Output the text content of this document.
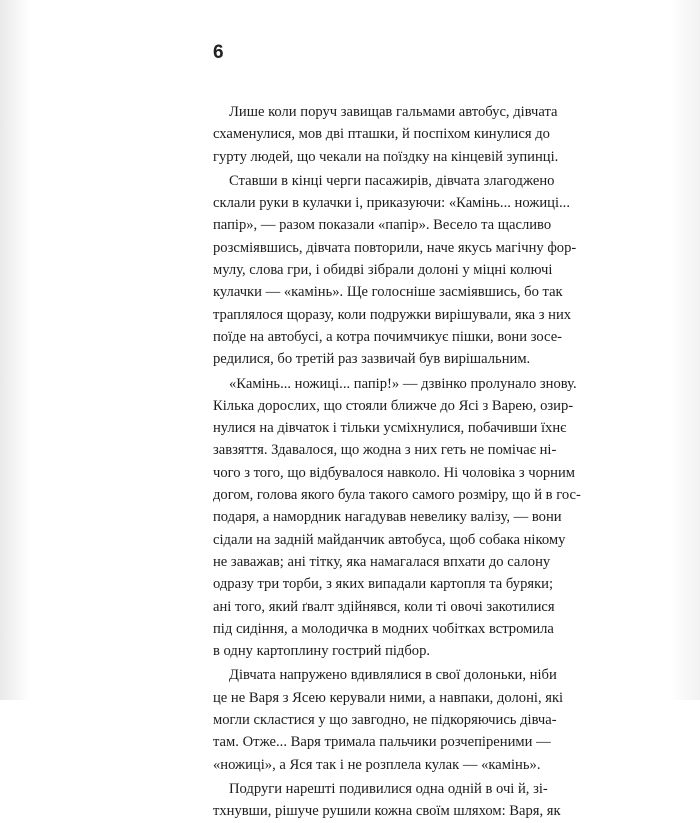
6
Лише коли поруч завищав гальмами автобус, дівчата
схаменулися, мов дві пташки, й поспіхом кинулися до
гурту людей, що чекали на поїздку на кінцевій зупинці.
Ставши в кінці черги пасажирів, дівчата злагоджено
склали руки в кулачки і, приказуючи: «Камінь... ножиці...
папір», — разом показали «папір». Весело та щасливо
розсміявшись, дівчата повторили, наче якусь магічну фор-
мулу, слова гри, і обидві зібрали долоні у міцні колючі
кулачки — «камінь». Ще голосніше засміявшись, бо так
траплялося щоразу, коли подружки вирішували, яка з них
поїде на автобусі, а котра почимчикує пішки, вони зосе-
редилися, бо третій раз зазвичай був вирішальним.
«Камінь... ножиці... папір!» — дзвінко пролунало знову.
Кілька дорослих, що стояли ближче до Ясі з Варею, озир-
нулися на дівчаток і тільки усміхнулися, побачивши їхнє
завзяття. Здавалося, що жодна з них геть не помічає ні-
чого з того, що відбувалося навколо. Ні чоловіка з чорним
догом, голова якого була такого самого розміру, що й в гос-
подаря, а намордник нагадував невелику валізу, — вони
сідали на задній майданчик автобуса, щоб собака нікому
не заважав; ані тітку, яка намагалася впхати до салону
одразу три торби, з яких випадали картопля та буряки;
ані того, який ґвалт здійнявся, коли ті овочі закотилися
під сидіння, а молодичка в модних чобітках встромила
в одну картоплину гострий підбор.
Дівчата напружено вдивлялися в свої долоньки, ніби
це не Варя з Ясею керували ними, а навпаки, долоні, які
могли скластися у що завгодно, не підкоряючись дівча-
там. Отже... Варя тримала пальчики розчепіреними —
«ножиці», а Яся так і не розплела кулак — «камінь».
Подруги нарешті подивилися одна одній в очі й, зі-
тхнувши, рішуче рушили кожна своїм шляхом: Варя, як
